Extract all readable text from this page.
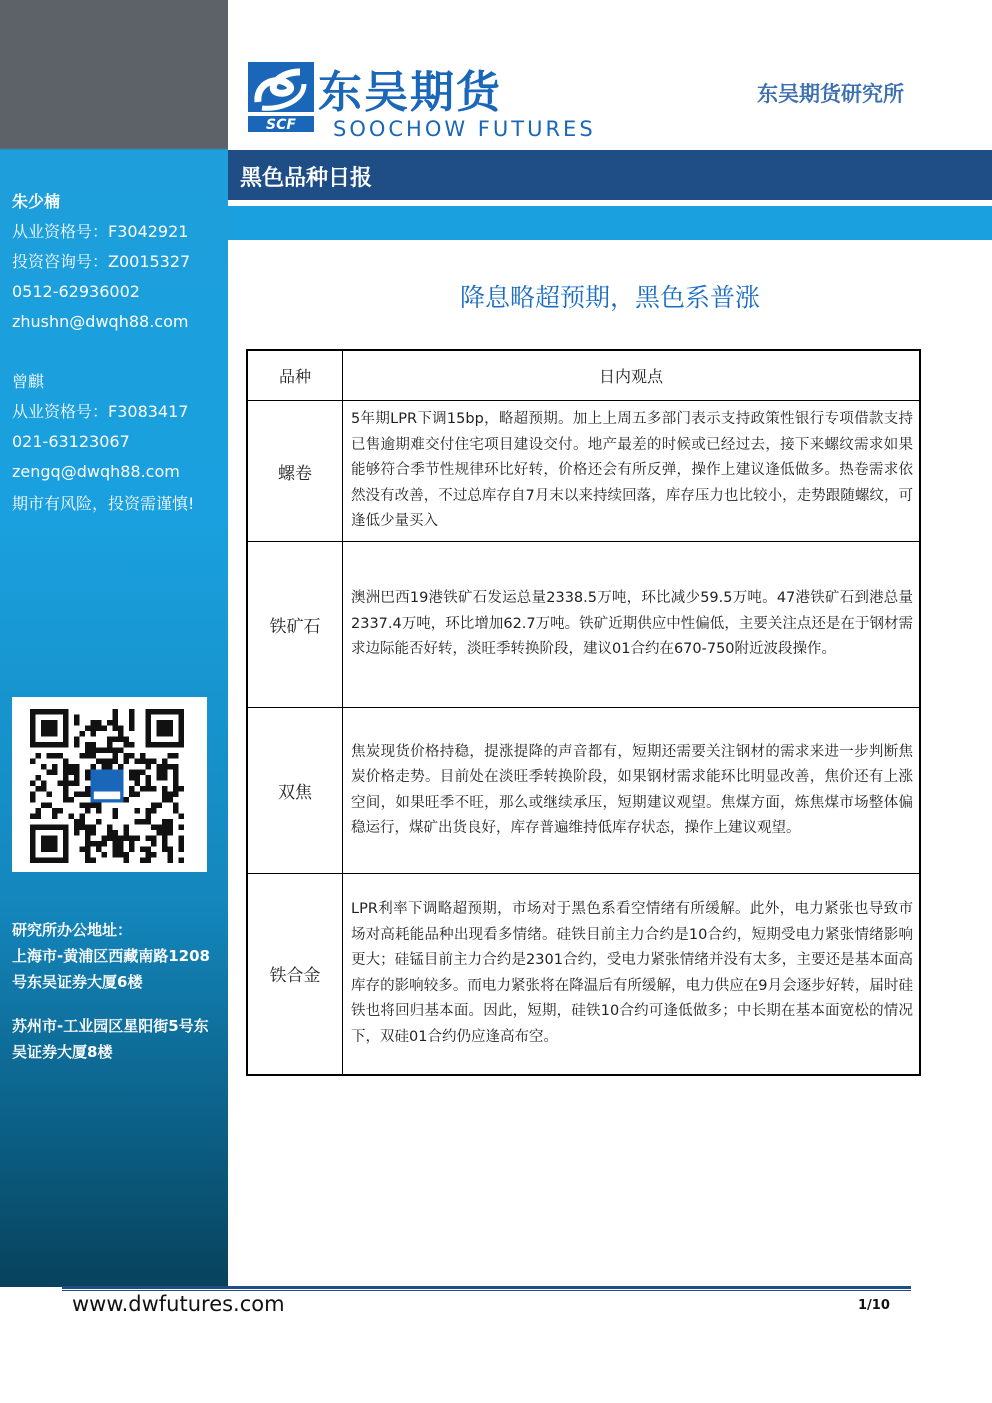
朱少楠
从业资格号：F3042921
投资咨询号：Z0015327
0512-62936002
zhushn@dwqh88.com
曾麒
从业资格号：F3083417
021-63123067
zengq@dwqh88.com
期市有风险，投资需谨慎!
研究所办公地址：
上海市-黄浦区西藏南路1208号东吴证券大厦6楼
苏州市-工业园区星阳街5号东吴证券大厦8楼
SCF
东吴期货
SOOCHOW FUTURES
东吴期货研究所
黑色品种日报
降息略超预期，黑色系普涨
品种	日内观点
螺卷	5年期LPR下调15bp，略超预期。加上上周五多部门表示支持政策性银行专项借款支持已售逾期难交付住宅项目建设交付。地产最差的时候或已经过去，接下来螺纹需求如果能够符合季节性规律环比好转，价格还会有所反弹，操作上建议逢低做多。热卷需求依然没有改善，不过总库存自7月末以来持续回落，库存压力也比较小，走势跟随螺纹，可逢低少量买入
铁矿石	澳洲巴西19港铁矿石发运总量2338.5万吨，环比减少59.5万吨。47港铁矿石到港总量2337.4万吨，环比增加62.7万吨。铁矿近期供应中性偏低，主要关注点还是在于钢材需求边际能否好转，淡旺季转换阶段，建议01合约在670-750附近波段操作。
双焦	焦炭现货价格持稳，提涨提降的声音都有，短期还需要关注钢材的需求来进一步判断焦炭价格走势。目前处在淡旺季转换阶段，如果钢材需求能环比明显改善，焦价还有上涨空间，如果旺季不旺，那么或继续承压，短期建议观望。焦煤方面，炼焦煤市场整体偏稳运行，煤矿出货良好，库存普遍维持低库存状态，操作上建议观望。
铁合金	LPR利率下调略超预期，市场对于黑色系看空情绪有所缓解。此外，电力紧张也导致市场对高耗能品种出现看多情绪。硅铁目前主力合约是10合约，短期受电力紧张情绪影响更大；硅锰目前主力合约是2301合约，受电力紧张情绪并没有太多，主要还是基本面高库存的影响较多。而电力紧张将在降温后有所缓解，电力供应在9月会逐步好转，届时硅铁也将回归基本面。因此，短期，硅铁10合约可逢低做多；中长期在基本面宽松的情况下，双硅01合约仍应逢高布空。
www.dwfutures.com	1/10
